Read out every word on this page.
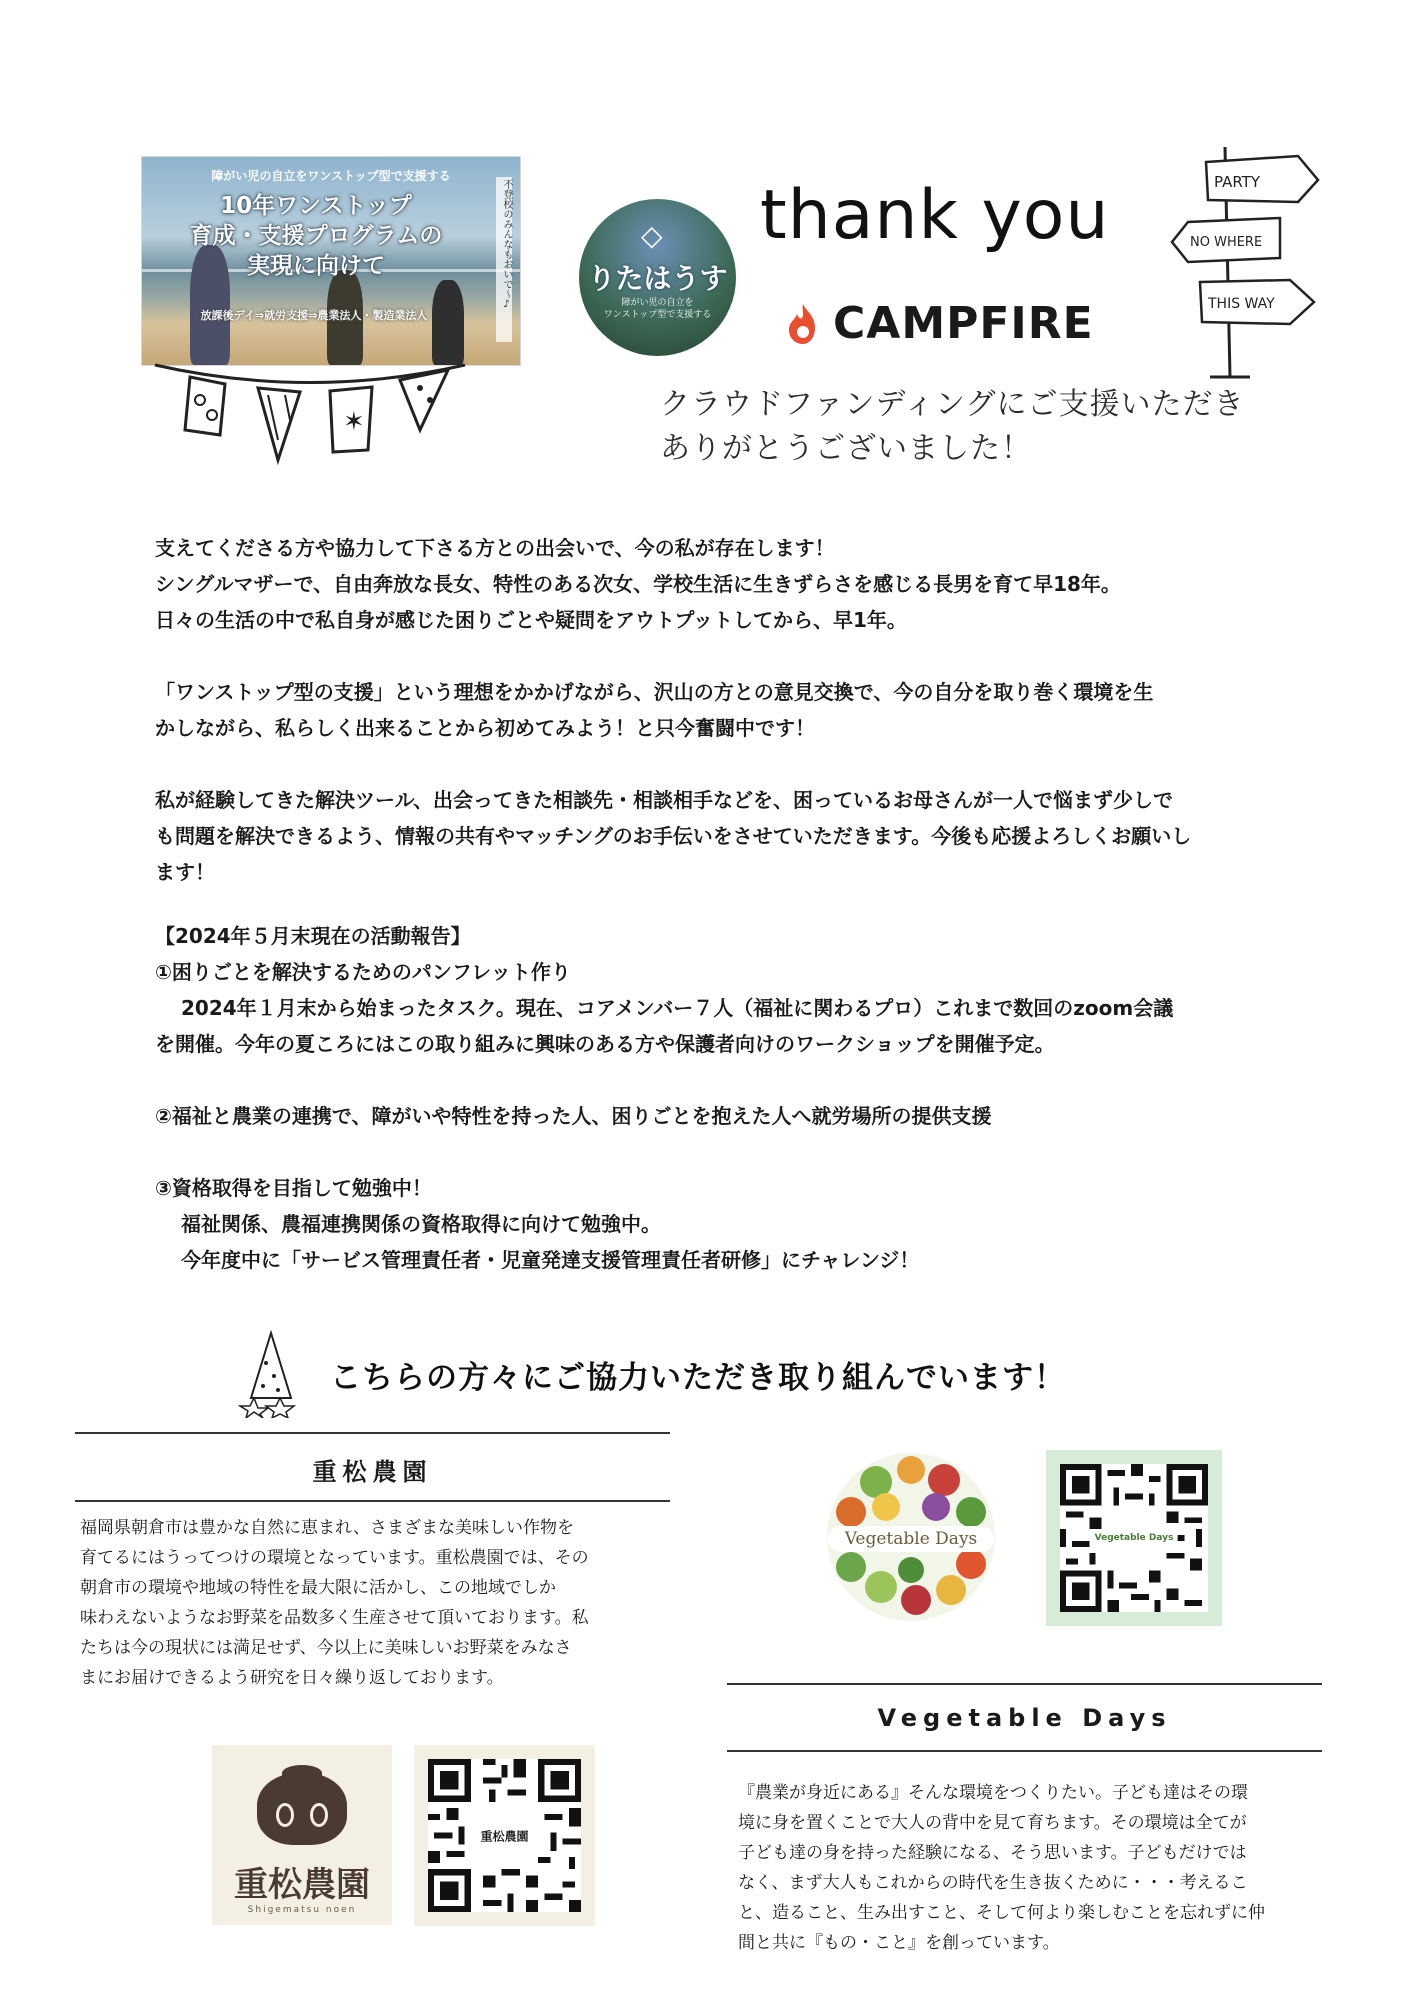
障がい児の自立をワンストップ型で支援する
10年ワンストップ
育成・支援プログラムの
実現に向けて	不登校のみんなもおいで〜♪
放課後デイ⇒就労支援⇒農業法人・製造業法人
✶
◇
りたはうす
障がい児の自立を
ワンストップ型で支援する
thank you
CAMPFIRE
PARTY
NO WHERE
THIS WAY
クラウドファンディングにご支援いただき
ありがとうございました！
支えてくださる方や協力して下さる方との出会いで、今の私が存在します！
シングルマザーで、自由奔放な長女、特性のある次女、学校生活に生きずらさを感じる長男を育て早18年。
日々の生活の中で私自身が感じた困りごとや疑問をアウトプットしてから、早1年。
「ワンストップ型の支援」という理想をかかげながら、沢山の方との意見交換で、今の自分を取り巻く環境を生
かしながら、私らしく出来ることから初めてみよう！と只今奮闘中です！
私が経験してきた解決ツール、出会ってきた相談先・相談相手などを、困っているお母さんが一人で悩まず少しで
も問題を解決できるよう、情報の共有やマッチングのお手伝いをさせていただきます。今後も応援よろしくお願いし
ます！
【2024年５月末現在の活動報告】
①困りごとを解決するためのパンフレット作り
2024年１月末から始まったタスク。現在、コアメンバー７人（福祉に関わるプロ）これまで数回のzoom会議
を開催。今年の夏ころにはこの取り組みに興味のある方や保護者向けのワークショップを開催予定。
②福祉と農業の連携で、障がいや特性を持った人、困りごとを抱えた人へ就労場所の提供支援
③資格取得を目指して勉強中！
福祉関係、農福連携関係の資格取得に向けて勉強中。
今年度中に「サービス管理責任者・児童発達支援管理責任者研修」にチャレンジ！
こちらの方々にご協力いただき取り組んでいます！
重松農園
福岡県朝倉市は豊かな自然に恵まれ、さまざまな美味しい作物を
育てるにはうってつけの環境となっています。重松農園では、その
朝倉市の環境や地域の特性を最大限に活かし、この地域でしか
味わえないようなお野菜を品数多く生産させて頂いております。私
たちは今の現状には満足せず、今以上に美味しいお野菜をみなさ
まにお届けできるよう研究を日々繰り返しております。
重松農園
Shigematsu noen
重松農園
Vegetable Days	Vegetable Days
Vegetable Days
『農業が身近にある』そんな環境をつくりたい。子ども達はその環
境に身を置くことで大人の背中を見て育ちます。その環境は全てが
子ども達の身を持った経験になる、そう思います。子どもだけでは
なく、まず大人もこれからの時代を生き抜くために・・・考えるこ
と、造ること、生み出すこと、そして何より楽しむことを忘れずに仲
間と共に『もの・こと』を創っています。
